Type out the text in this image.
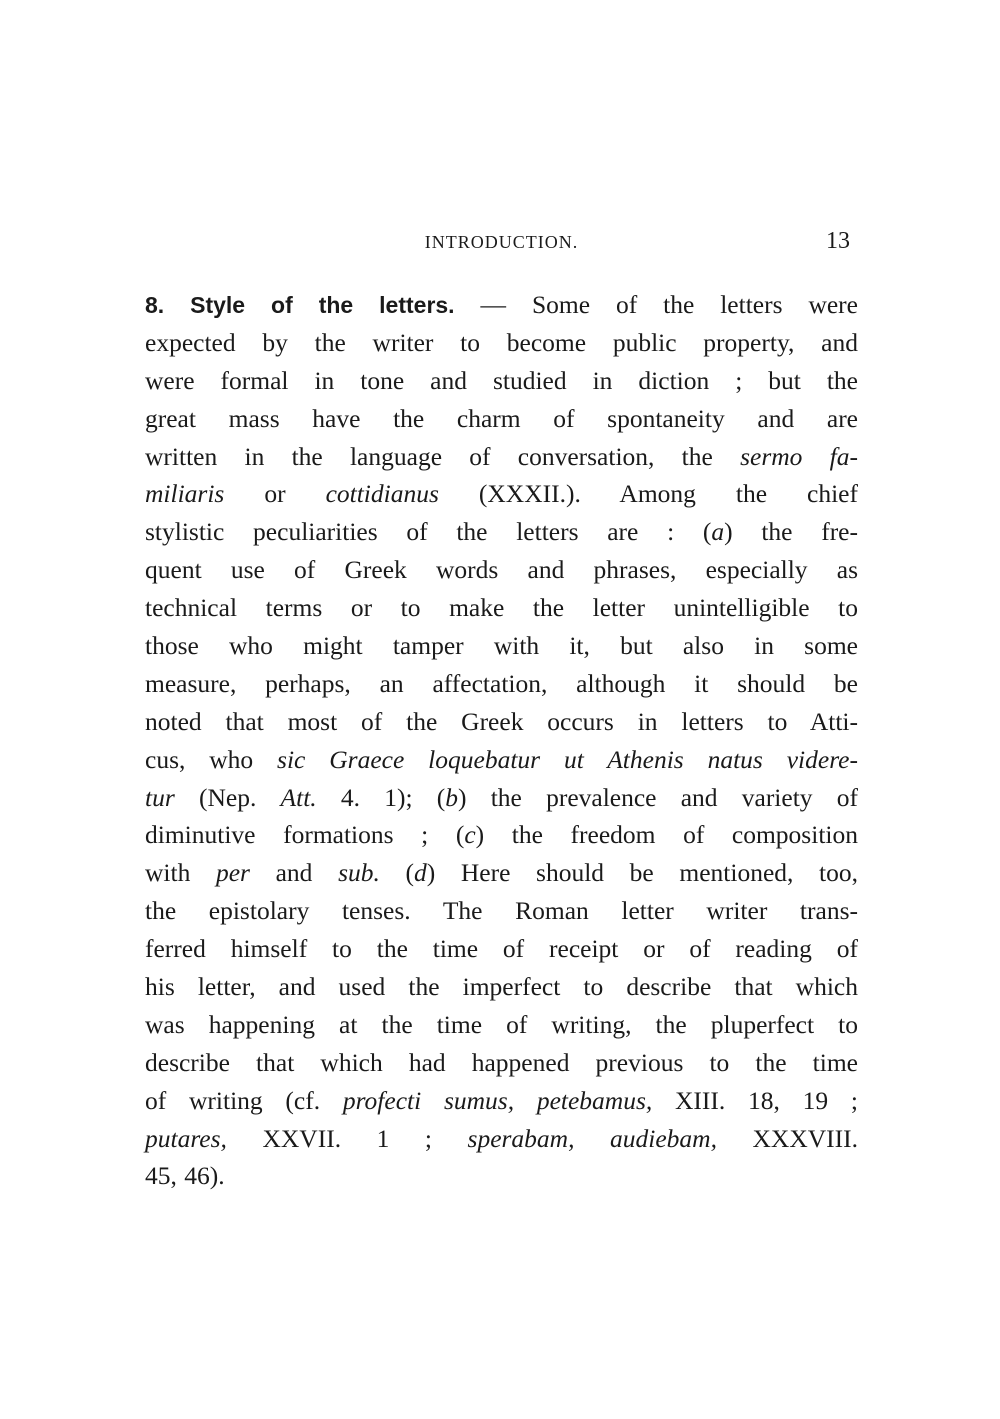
INTRODUCTION.	13
8. Style of the letters. — Some of the letters were
expected by the writer to become public property, and
were formal in tone and studied in diction ; but the
great mass have the charm of spontaneity and are
written in the language of conversation, the sermo fa-
miliaris or cottidianus (XXXII.). Among the chief
stylistic peculiarities of the letters are : (a) the fre-
quent use of Greek words and phrases, especially as
technical terms or to make the letter unintelligible to
those who might tamper with it, but also in some
measure, perhaps, an affectation, although it should be
noted that most of the Greek occurs in letters to Atti-
cus, who sic Graece loquebatur ut Athenis natus videre-
tur (Nep. Att. 4. 1); (b) the prevalence and variety of
diminutive formations ; (c) the freedom of composition
with per and sub. (d) Here should be mentioned, too,
the epistolary tenses. The Roman letter writer trans-
ferred himself to the time of receipt or of reading of
his letter, and used the imperfect to describe that which
was happening at the time of writing, the pluperfect to
describe that which had happened previous to the time
of writing (cf. profecti sumus, petebamus, XIII. 18, 19 ;
putares, XXVII. 1 ; sperabam, audiebam, XXXVIII.
45, 46).
